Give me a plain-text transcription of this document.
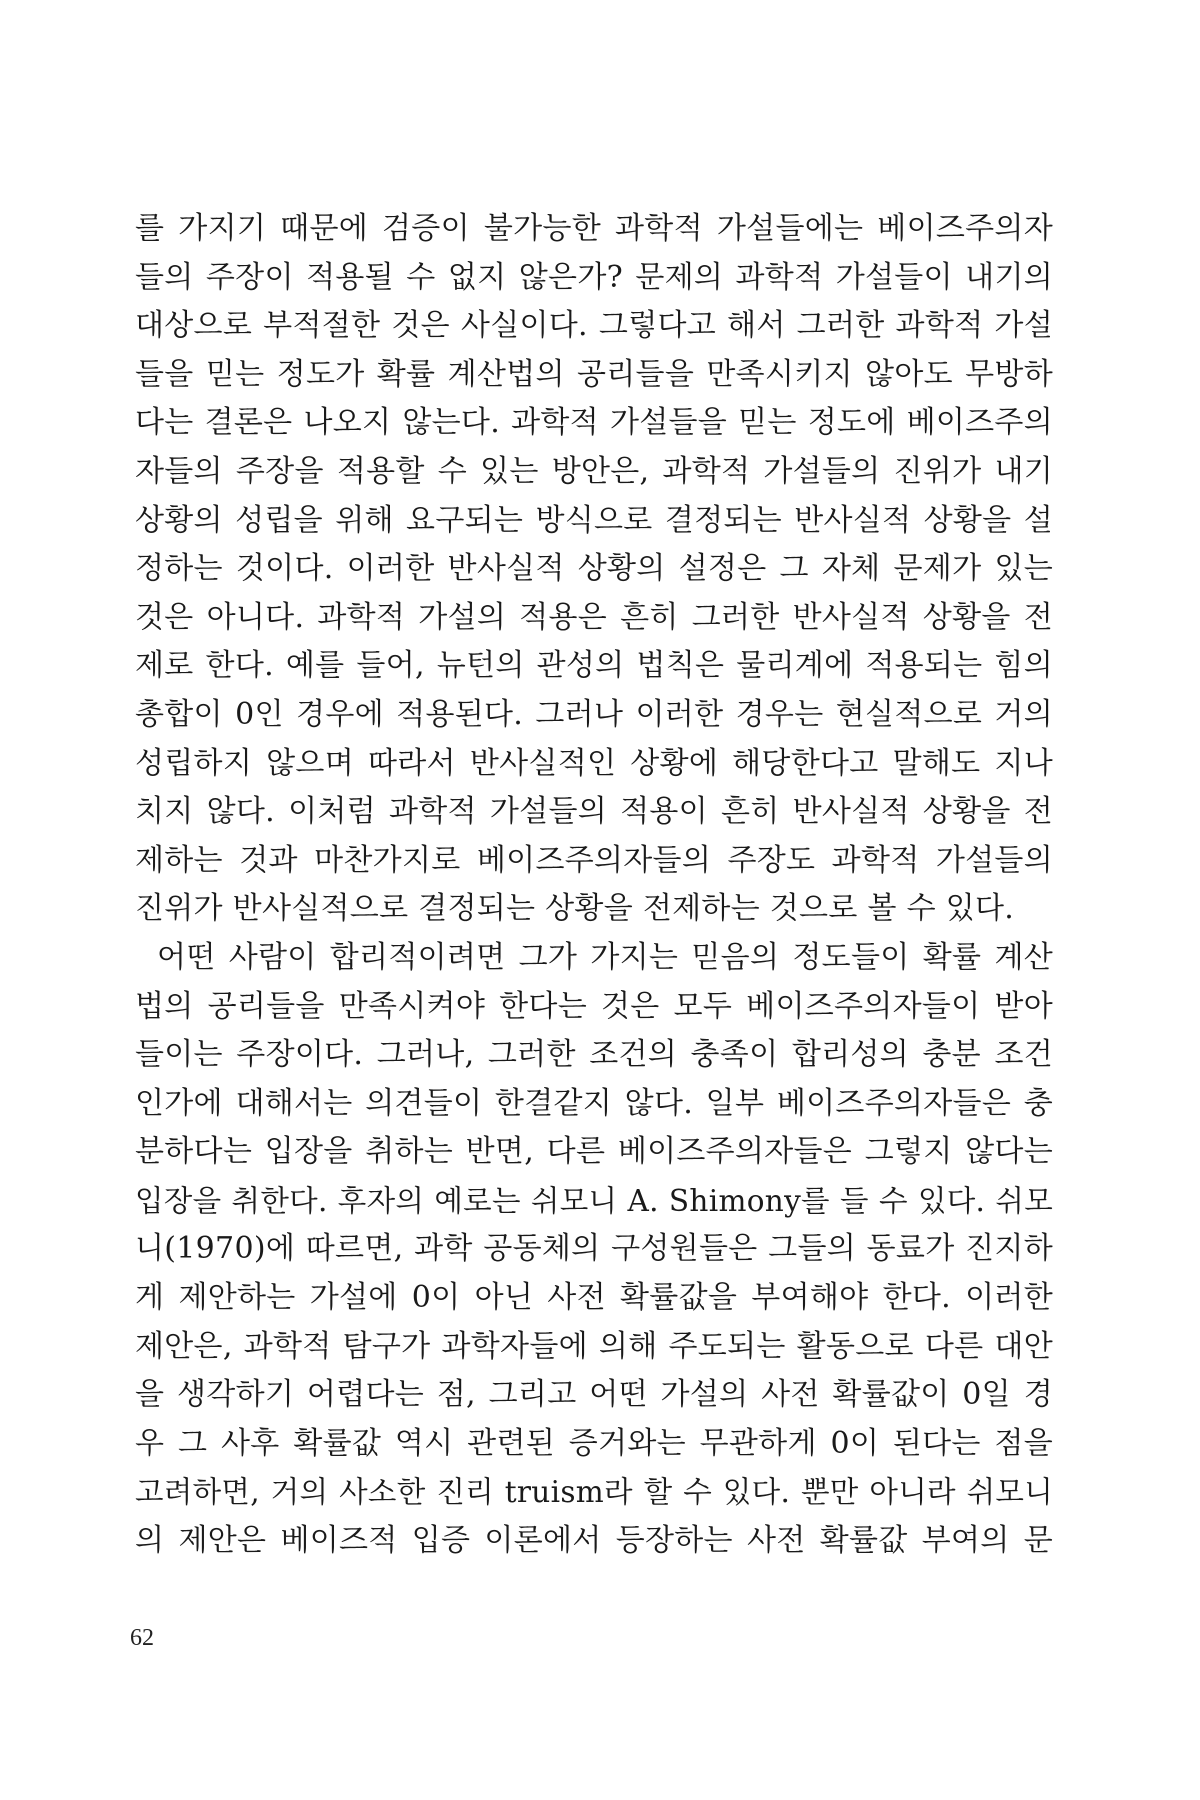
를 가지기 때문에 검증이 불가능한 과학적 가설들에는 베이즈주의자
들의 주장이 적용될 수 없지 않은가? 문제의 과학적 가설들이 내기의
대상으로 부적절한 것은 사실이다. 그렇다고 해서 그러한 과학적 가설
들을 믿는 정도가 확률 계산법의 공리들을 만족시키지 않아도 무방하
다는 결론은 나오지 않는다. 과학적 가설들을 믿는 정도에 베이즈주의
자들의 주장을 적용할 수 있는 방안은, 과학적 가설들의 진위가 내기
상황의 성립을 위해 요구되는 방식으로 결정되는 반사실적 상황을 설
정하는 것이다. 이러한 반사실적 상황의 설정은 그 자체 문제가 있는
것은 아니다. 과학적 가설의 적용은 흔히 그러한 반사실적 상황을 전
제로 한다. 예를 들어, 뉴턴의 관성의 법칙은 물리계에 적용되는 힘의
총합이 0인 경우에 적용된다. 그러나 이러한 경우는 현실적으로 거의
성립하지 않으며 따라서 반사실적인 상황에 해당한다고 말해도 지나
치지 않다. 이처럼 과학적 가설들의 적용이 흔히 반사실적 상황을 전
제하는 것과 마찬가지로 베이즈주의자들의 주장도 과학적 가설들의
진위가 반사실적으로 결정되는 상황을 전제하는 것으로 볼 수 있다.
어떤 사람이 합리적이려면 그가 가지는 믿음의 정도들이 확률 계산
법의 공리들을 만족시켜야 한다는 것은 모두 베이즈주의자들이 받아
들이는 주장이다. 그러나, 그러한 조건의 충족이 합리성의 충분 조건
인가에 대해서는 의견들이 한결같지 않다. 일부 베이즈주의자들은 충
분하다는 입장을 취하는 반면, 다른 베이즈주의자들은 그렇지 않다는
입장을 취한다. 후자의 예로는 쉬모니 A. Shimony를 들 수 있다. 쉬모
니(1970)에 따르면, 과학 공동체의 구성원들은 그들의 동료가 진지하
게 제안하는 가설에 0이 아닌 사전 확률값을 부여해야 한다. 이러한
제안은, 과학적 탐구가 과학자들에 의해 주도되는 활동으로 다른 대안
을 생각하기 어렵다는 점, 그리고 어떤 가설의 사전 확률값이 0일 경
우 그 사후 확률값 역시 관련된 증거와는 무관하게 0이 된다는 점을
고려하면, 거의 사소한 진리 truism라 할 수 있다. 뿐만 아니라 쉬모니
의 제안은 베이즈적 입증 이론에서 등장하는 사전 확률값 부여의 문
62
